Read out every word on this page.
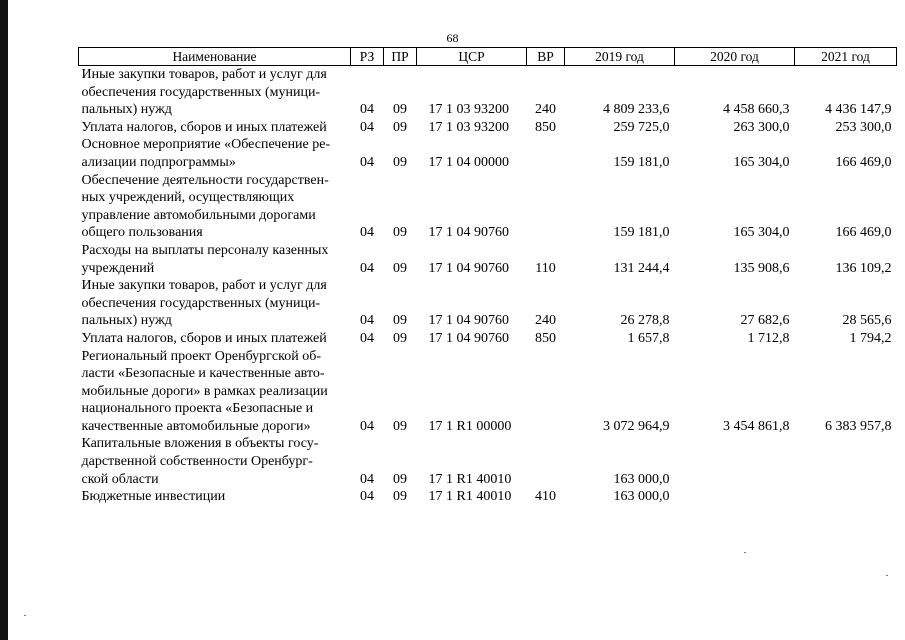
68
Наименование	РЗ	ПР	ЦСР	ВР	2019 год	2020 год	2021 год

Иные закупки товаров, работ и услуг для
обеспечения государственных (муници-
пальных) нужд	04	09	17 1 03 93200	240	4 809 233,6	4 458 660,3	4 436 147,9

Уплата налогов, сборов и иных платежей	04	09	17 1 03 93200	850	259 725,0	263 300,0	253 300,0

Основное мероприятие «Обеспечение ре-
ализации подпрограммы»	04	09	17 1 04 00000		159 181,0	165 304,0	166 469,0

Обеспечение деятельности государствен-
ных учреждений, осуществляющих
управление автомобильными дорогами
общего пользования	04	09	17 1 04 90760		159 181,0	165 304,0	166 469,0

Расходы на выплаты персоналу казенных
учреждений	04	09	17 1 04 90760	110	131 244,4	135 908,6	136 109,2

Иные закупки товаров, работ и услуг для
обеспечения государственных (муници-
пальных) нужд	04	09	17 1 04 90760	240	26 278,8	27 682,6	28 565,6

Уплата налогов, сборов и иных платежей	04	09	17 1 04 90760	850	1 657,8	1 712,8	1 794,2

Региональный проект Оренбургской об-
ласти «Безопасные и качественные авто-
мобильные дороги» в рамках реализации
национального проекта «Безопасные и
качественные автомобильные дороги»	04	09	17 1 R1 00000		3 072 964,9	3 454 861,8	6 383 957,8

Капитальные вложения в объекты госу-
дарственной собственности Оренбург-
ской области	04	09	17 1 R1 40010		163 000,0		

Бюджетные инвестиции	04	09	17 1 R1 40010	410	163 000,0		
